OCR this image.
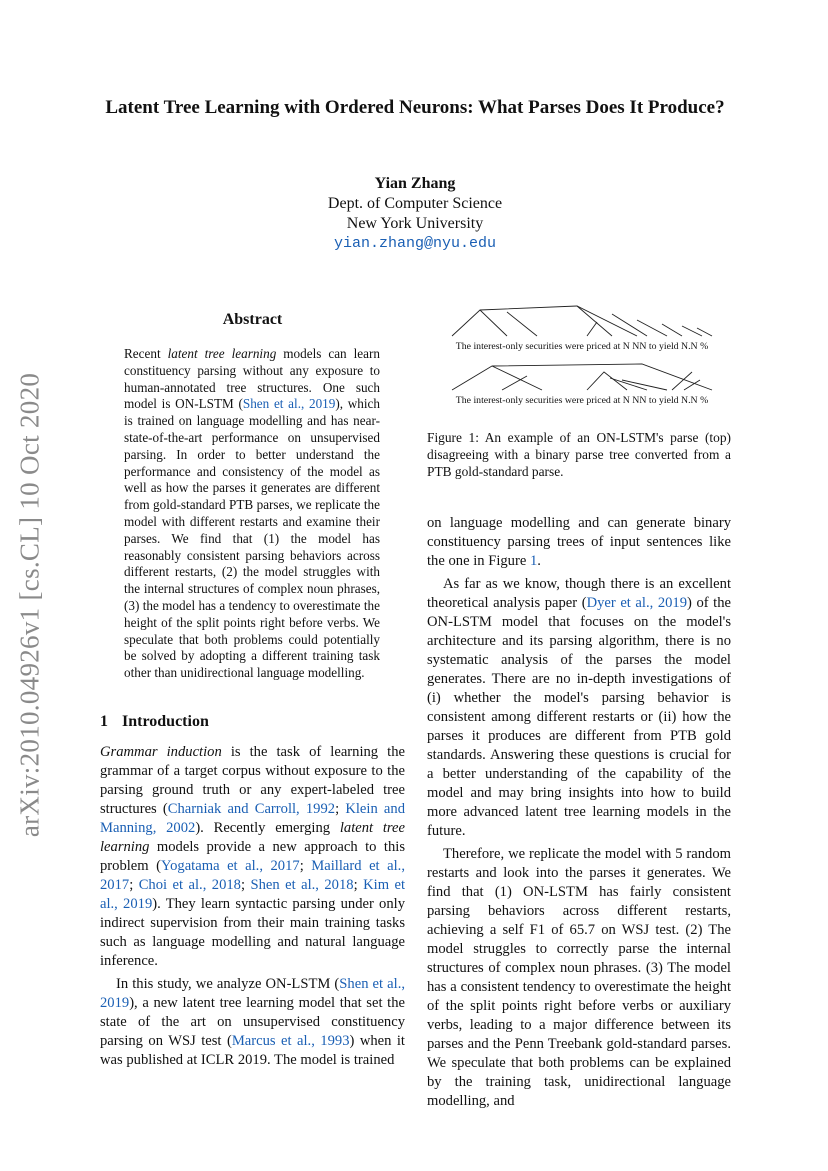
arXiv:2010.04926v1 [cs.CL] 10 Oct 2020
Latent Tree Learning with Ordered Neurons: What Parses Does It Produce?
Yian Zhang
Dept. of Computer Science
New York University
yian.zhang@nyu.edu
Abstract

Recent latent tree learning models can learn constituency parsing without any exposure to human-annotated tree structures. One such model is ON-LSTM (Shen et al., 2019), which is trained on language modelling and has near-state-of-the-art performance on unsupervised parsing. In order to better understand the performance and consistency of the model as well as how the parses it generates are different from gold-standard PTB parses, we replicate the model with different restarts and examine their parses. We find that (1) the model has reasonably consistent parsing behaviors across different restarts, (2) the model struggles with the internal structures of complex noun phrases, (3) the model has a tendency to overestimate the height of the split points right before verbs. We speculate that both problems could potentially be solved by adopting a different training task other than unidirectional language modelling.

1 Introduction

Grammar induction is the task of learning the grammar of a target corpus without exposure to the parsing ground truth or any expert-labeled tree structures (Charniak and Carroll, 1992; Klein and Manning, 2002). Recently emerging latent tree learning models provide a new approach to this problem (Yogatama et al., 2017; Maillard et al., 2017; Choi et al., 2018; Shen et al., 2018; Kim et al., 2019). They learn syntactic parsing under only indirect supervision from their main training tasks such as language modelling and natural language inference.

In this study, we analyze ON-LSTM (Shen et al., 2019), a new latent tree learning model that set the state of the art on unsupervised constituency parsing on WSJ test (Marcus et al., 1993) when it was published at ICLR 2019. The model is trained

The interest-only securities were priced at N NN to yield N.N %
The interest-only securities were priced at N NN to yield N.N %

Figure 1: An example of an ON-LSTM's parse (top) disagreeing with a binary parse tree converted from a PTB gold-standard parse.

on language modelling and can generate binary constituency parsing trees of input sentences like the one in Figure 1.

As far as we know, though there is an excellent theoretical analysis paper (Dyer et al., 2019) of the ON-LSTM model that focuses on the model's architecture and its parsing algorithm, there is no systematic analysis of the parses the model generates. There are no in-depth investigations of (i) whether the model's parsing behavior is consistent among different restarts or (ii) how the parses it produces are different from PTB gold standards. Answering these questions is crucial for a better understanding of the capability of the model and may bring insights into how to build more advanced latent tree learning models in the future.

Therefore, we replicate the model with 5 random restarts and look into the parses it generates. We find that (1) ON-LSTM has fairly consistent parsing behaviors across different restarts, achieving a self F1 of 65.7 on WSJ test. (2) The model struggles to correctly parse the internal structures of complex noun phrases. (3) The model has a consistent tendency to overestimate the height of the split points right before verbs or auxiliary verbs, leading to a major difference between its parses and the Penn Treebank gold-standard parses. We speculate that both problems can be explained by the training task, unidirectional language modelling, and
